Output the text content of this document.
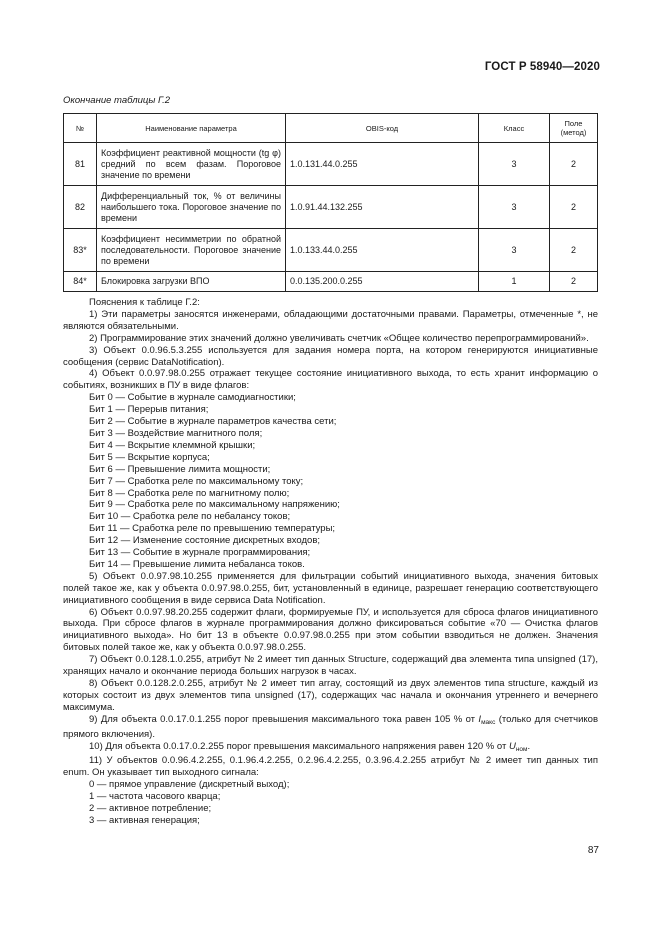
ГОСТ Р 58940—2020
Окончание таблицы Г.2
№	Наименование параметра	OBIS-код	Класс	Поле
(метод)
81	Коэффициент реактивной мощности (tg φ) средний по всем фазам. Пороговое значение по времени	1.0.131.44.0.255	3	2
82	Дифференциальный ток, % от величины наибольшего тока. Пороговое значение по времени	1.0.91.44.132.255	3	2
83*	Коэффициент несимметрии по обратной последовательности. Пороговое значение по времени	1.0.133.44.0.255	3	2
84*	Блокировка загрузки ВПО	0.0.135.200.0.255	1	2

Пояснения к таблице Г.2:

1) Эти параметры заносятся инженерами, обладающими достаточными правами. Параметры, отмеченные *, не являются обязательными.

2) Программирование этих значений должно увеличивать счетчик «Общее количество перепрограммирований».

3) Объект 0.0.96.5.3.255 используется для задания номера порта, на котором генерируются инициативные сообщения (сервис DataNotification).

4) Объект 0.0.97.98.0.255 отражает текущее состояние инициативного выхода, то есть хранит информацию о событиях, возникших в ПУ в виде флагов:

Бит 0 — Событие в журнале самодиагностики;

Бит 1 — Перерыв питания;

Бит 2 — Событие в журнале параметров качества сети;

Бит 3 — Воздействие магнитного поля;

Бит 4 — Вскрытие клеммной крышки;

Бит 5 — Вскрытие корпуса;

Бит 6 — Превышение лимита мощности;

Бит 7 — Сработка реле по максимальному току;

Бит 8 — Сработка реле по магнитному полю;

Бит 9 — Сработка реле по максимальному напряжению;

Бит 10 — Сработка реле по небалансу токов;

Бит 11 — Сработка реле по превышению температуры;

Бит 12 — Изменение состояние дискретных входов;

Бит 13 — Событие в журнале программирования;

Бит 14 — Превышение лимита небаланса токов.

5) Объект 0.0.97.98.10.255 применяется для фильтрации событий инициативного выхода, значения битовых полей такое же, как у объекта 0.0.97.98.0.255, бит, установленный в единице, разрешает генерацию соответствующего инициативного сообщения в виде сервиса Data Notification.

6) Объект 0.0.97.98.20.255 содержит флаги, формируемые ПУ, и используется для сброса флагов инициативного выхода. При сбросе флагов в журнале программирования должно фиксироваться событие «70 — Очистка флагов инициативного выхода». Но бит 13 в объекте 0.0.97.98.0.255 при этом событии взводиться не должен. Значения битовых полей такое же, как у объекта 0.0.97.98.0.255.

7) Объект 0.0.128.1.0.255, атрибут № 2 имеет тип данных Structure, содержащий два элемента типа unsigned (17), хранящих начало и окончание периода больших нагрузок в часах.

8) Объект 0.0.128.2.0.255, атрибут № 2 имеет тип array, состоящий из двух элементов типа structure, каждый из которых состоит из двух элементов типа unsigned (17), содержащих час начала и окончания утреннего и вечернего максимума.

9) Для объекта 0.0.17.0.1.255 порог превышения максимального тока равен 105 % от $I_{макс}$ (только для счетчиков прямого включения).

10) Для объекта 0.0.17.0.2.255 порог превышения максимального напряжения равен 120 % от $U_{ном}$.

11) У объектов 0.0.96.4.2.255, 0.1.96.4.2.255, 0.2.96.4.2.255, 0.3.96.4.2.255 атрибут № 2 имеет тип данных тип enum. Он указывает тип выходного сигнала:

0 — прямое управление (дискретный выход);

1 — частота часового кварца;

2 — активное потребление;

3 — активная генерация;

87
